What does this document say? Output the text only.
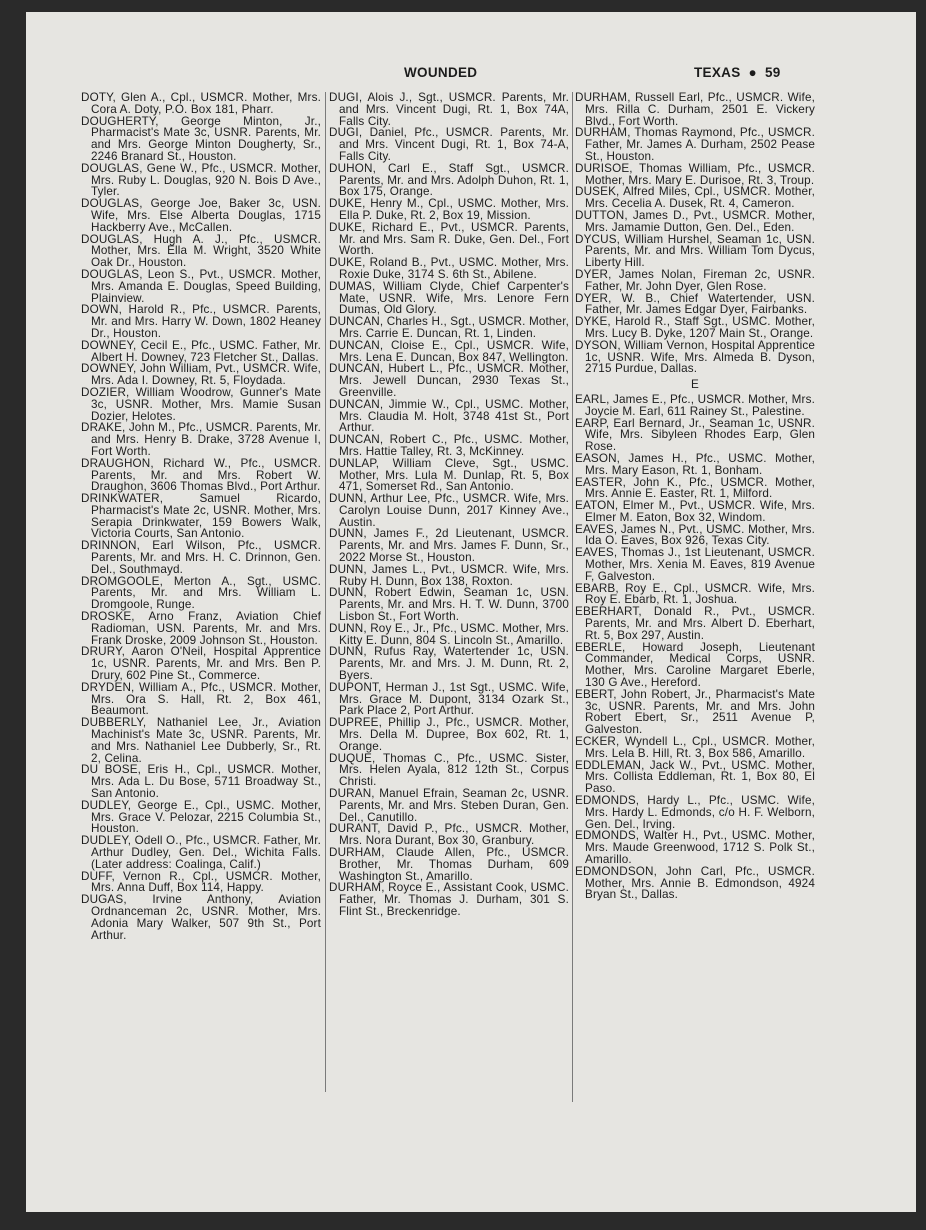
WOUNDED	TEXAS ● 59
DOTY, Glen A., Cpl., USMCR. Mother, Mrs. Cora A. Doty, P.O. Box 181, Pharr.
DOUGHERTY, George Minton, Jr., Pharmacist's Mate 3c, USNR. Parents, Mr. and Mrs. George Minton Dougherty, Sr., 2246 Branard St., Houston.
DOUGLAS, Gene W., Pfc., USMCR. Mother, Mrs. Ruby L. Douglas, 920 N. Bois D Ave., Tyler.
DOUGLAS, George Joe, Baker 3c, USN. Wife, Mrs. Else Alberta Douglas, 1715 Hackberry Ave., McCallen.
DOUGLAS, Hugh A. J., Pfc., USMCR. Mother, Mrs. Ella M. Wright, 3520 White Oak Dr., Houston.
DOUGLAS, Leon S., Pvt., USMCR. Mother, Mrs. Amanda E. Douglas, Speed Building, Plainview.
DOWN, Harold R., Pfc., USMCR. Parents, Mr. and Mrs. Harry W. Down, 1802 Heaney Dr., Houston.
DOWNEY, Cecil E., Pfc., USMC. Father, Mr. Albert H. Downey, 723 Fletcher St., Dallas.
DOWNEY, John William, Pvt., USMCR. Wife, Mrs. Ada I. Downey, Rt. 5, Floydada.
DOZIER, William Woodrow, Gunner's Mate 3c, USNR. Mother, Mrs. Mamie Susan Dozier, Helotes.
DRAKE, John M., Pfc., USMCR. Parents, Mr. and Mrs. Henry B. Drake, 3728 Avenue I, Fort Worth.
DRAUGHON, Richard W., Pfc., USMCR. Parents, Mr. and Mrs. Robert W. Draughon, 3606 Thomas Blvd., Port Arthur.
DRINKWATER, Samuel Ricardo, Pharmacist's Mate 2c, USNR. Mother, Mrs. Serapia Drinkwater, 159 Bowers Walk, Victoria Courts, San Antonio.
DRINNON, Earl Wilson, Pfc., USMCR. Parents, Mr. and Mrs. H. C. Drinnon, Gen. Del., Southmayd.
DROMGOOLE, Merton A., Sgt., USMC. Parents, Mr. and Mrs. William L. Dromgoole, Runge.
DROSKE, Arno Franz, Aviation Chief Radioman, USN. Parents, Mr. and Mrs. Frank Droske, 2009 Johnson St., Houston.
DRURY, Aaron O'Neil, Hospital Apprentice 1c, USNR. Parents, Mr. and Mrs. Ben P. Drury, 602 Pine St., Commerce.
DRYDEN, William A., Pfc., USMCR. Mother, Mrs. Ora S. Hall, Rt. 2, Box 461, Beaumont.
DUBBERLY, Nathaniel Lee, Jr., Aviation Machinist's Mate 3c, USNR. Parents, Mr. and Mrs. Nathaniel Lee Dubberly, Sr., Rt. 2, Celina.
DU BOSE, Eris H., Cpl., USMCR. Mother, Mrs. Ada L. Du Bose, 5711 Broadway St., San Antonio.
DUDLEY, George E., Cpl., USMC. Mother, Mrs. Grace V. Pelozar, 2215 Columbia St., Houston.
DUDLEY, Odell O., Pfc., USMCR. Father, Mr. Arthur Dudley, Gen. Del., Wichita Falls. (Later address: Coalinga, Calif.)
DUFF, Vernon R., Cpl., USMCR. Mother, Mrs. Anna Duff, Box 114, Happy.
DUGAS, Irvine Anthony, Aviation Ordnanceman 2c, USNR. Mother, Mrs. Adonia Mary Walker, 507 9th St., Port Arthur.
DUGI, Alois J., Sgt., USMCR. Parents, Mr. and Mrs. Vincent Dugi, Rt. 1, Box 74A, Falls City.
DUGI, Daniel, Pfc., USMCR. Parents, Mr. and Mrs. Vincent Dugi, Rt. 1, Box 74-A, Falls City.
DUHON, Carl E., Staff Sgt., USMCR. Parents, Mr. and Mrs. Adolph Duhon, Rt. 1, Box 175, Orange.
DUKE, Henry M., Cpl., USMC. Mother, Mrs. Ella P. Duke, Rt. 2, Box 19, Mission.
DUKE, Richard E., Pvt., USMCR. Parents, Mr. and Mrs. Sam R. Duke, Gen. Del., Fort Worth.
DUKE, Roland B., Pvt., USMC. Mother, Mrs. Roxie Duke, 3174 S. 6th St., Abilene.
DUMAS, William Clyde, Chief Carpenter's Mate, USNR. Wife, Mrs. Lenore Fern Dumas, Old Glory.
DUNCAN, Charles H., Sgt., USMCR. Mother, Mrs. Carrie E. Duncan, Rt. 1, Linden.
DUNCAN, Cloise E., Cpl., USMCR. Wife, Mrs. Lena E. Duncan, Box 847, Wellington.
DUNCAN, Hubert L., Pfc., USMCR. Mother, Mrs. Jewell Duncan, 2930 Texas St., Greenville.
DUNCAN, Jimmie W., Cpl., USMC. Mother, Mrs. Claudia M. Holt, 3748 41st St., Port Arthur.
DUNCAN, Robert C., Pfc., USMC. Mother, Mrs. Hattie Talley, Rt. 3, McKinney.
DUNLAP, William Cleve, Sgt., USMC. Mother, Mrs. Lula M. Dunlap, Rt. 5, Box 471, Somerset Rd., San Antonio.
DUNN, Arthur Lee, Pfc., USMCR. Wife, Mrs. Carolyn Louise Dunn, 2017 Kinney Ave., Austin.
DUNN, James F., 2d Lieutenant, USMCR. Parents, Mr. and Mrs. James F. Dunn, Sr., 2022 Morse St., Houston.
DUNN, James L., Pvt., USMCR. Wife, Mrs. Ruby H. Dunn, Box 138, Roxton.
DUNN, Robert Edwin, Seaman 1c, USN. Parents, Mr. and Mrs. H. T. W. Dunn, 3700 Lisbon St., Fort Worth.
DUNN, Roy E., Jr., Pfc., USMC. Mother, Mrs. Kitty E. Dunn, 804 S. Lincoln St., Amarillo.
DUNN, Rufus Ray, Watertender 1c, USN. Parents, Mr. and Mrs. J. M. Dunn, Rt. 2, Byers.
DUPONT, Herman J., 1st Sgt., USMC. Wife, Mrs. Grace M. Dupont, 3134 Ozark St., Park Place 2, Port Arthur.
DUPREE, Phillip J., Pfc., USMCR. Mother, Mrs. Della M. Dupree, Box 602, Rt. 1, Orange.
DUQUE, Thomas C., Pfc., USMC. Sister, Mrs. Helen Ayala, 812 12th St., Corpus Christi.
DURAN, Manuel Efrain, Seaman 2c, USNR. Parents, Mr. and Mrs. Steben Duran, Gen. Del., Canutillo.
DURANT, David P., Pfc., USMCR. Mother, Mrs. Nora Durant, Box 30, Granbury.
DURHAM, Claude Allen, Pfc., USMCR. Brother, Mr. Thomas Durham, 609 Washington St., Amarillo.
DURHAM, Royce E., Assistant Cook, USMC. Father, Mr. Thomas J. Durham, 301 S. Flint St., Breckenridge.
DURHAM, Russell Earl, Pfc., USMCR. Wife, Mrs. Rilla C. Durham, 2501 E. Vickery Blvd., Fort Worth.
DURHAM, Thomas Raymond, Pfc., USMCR. Father, Mr. James A. Durham, 2502 Pease St., Houston.
DURISOE, Thomas William, Pfc., USMCR. Mother, Mrs. Mary E. Durisoe, Rt. 3, Troup.
DUSEK, Alfred Miles, Cpl., USMCR. Mother, Mrs. Cecelia A. Dusek, Rt. 4, Cameron.
DUTTON, James D., Pvt., USMCR. Mother, Mrs. Jamamie Dutton, Gen. Del., Eden.
DYCUS, William Hurshel, Seaman 1c, USN. Parents, Mr. and Mrs. William Tom Dycus, Liberty Hill.
DYER, James Nolan, Fireman 2c, USNR. Father, Mr. John Dyer, Glen Rose.
DYER, W. B., Chief Watertender, USN. Father, Mr. James Edgar Dyer, Fairbanks.
DYKE, Harold R., Staff Sgt., USMC. Mother, Mrs. Lucy B. Dyke, 1207 Main St., Orange.
DYSON, William Vernon, Hospital Apprentice 1c, USNR. Wife, Mrs. Almeda B. Dyson, 2715 Purdue, Dallas.
E
EARL, James E., Pfc., USMCR. Mother, Mrs. Joycie M. Earl, 611 Rainey St., Palestine.
EARP, Earl Bernard, Jr., Seaman 1c, USNR. Wife, Mrs. Sibyleen Rhodes Earp, Glen Rose.
EASON, James H., Pfc., USMC. Mother, Mrs. Mary Eason, Rt. 1, Bonham.
EASTER, John K., Pfc., USMCR. Mother, Mrs. Annie E. Easter, Rt. 1, Milford.
EATON, Elmer M., Pvt., USMCR. Wife, Mrs. Elmer M. Eaton, Box 32, Windom.
EAVES, James N., Pvt., USMC. Mother, Mrs. Ida O. Eaves, Box 926, Texas City.
EAVES, Thomas J., 1st Lieutenant, USMCR. Mother, Mrs. Xenia M. Eaves, 819 Avenue F, Galveston.
EBARB, Roy E., Cpl., USMCR. Wife, Mrs. Roy E. Ebarb, Rt. 1, Joshua.
EBERHART, Donald R., Pvt., USMCR. Parents, Mr. and Mrs. Albert D. Eberhart, Rt. 5, Box 297, Austin.
EBERLE, Howard Joseph, Lieutenant Commander, Medical Corps, USNR. Mother, Mrs. Caroline Margaret Eberle, 130 G Ave., Hereford.
EBERT, John Robert, Jr., Pharmacist's Mate 3c, USNR. Parents, Mr. and Mrs. John Robert Ebert, Sr., 2511 Avenue P, Galveston.
ECKER, Wyndell L., Cpl., USMCR. Mother, Mrs. Lela B. Hill, Rt. 3, Box 586, Amarillo.
EDDLEMAN, Jack W., Pvt., USMC. Mother, Mrs. Collista Eddleman, Rt. 1, Box 80, El Paso.
EDMONDS, Hardy L., Pfc., USMC. Wife, Mrs. Hardy L. Edmonds, c/o H. F. Welborn, Gen. Del., Irving.
EDMONDS, Walter H., Pvt., USMC. Mother, Mrs. Maude Greenwood, 1712 S. Polk St., Amarillo.
EDMONDSON, John Carl, Pfc., USMCR. Mother, Mrs. Annie B. Edmondson, 4924 Bryan St., Dallas.
